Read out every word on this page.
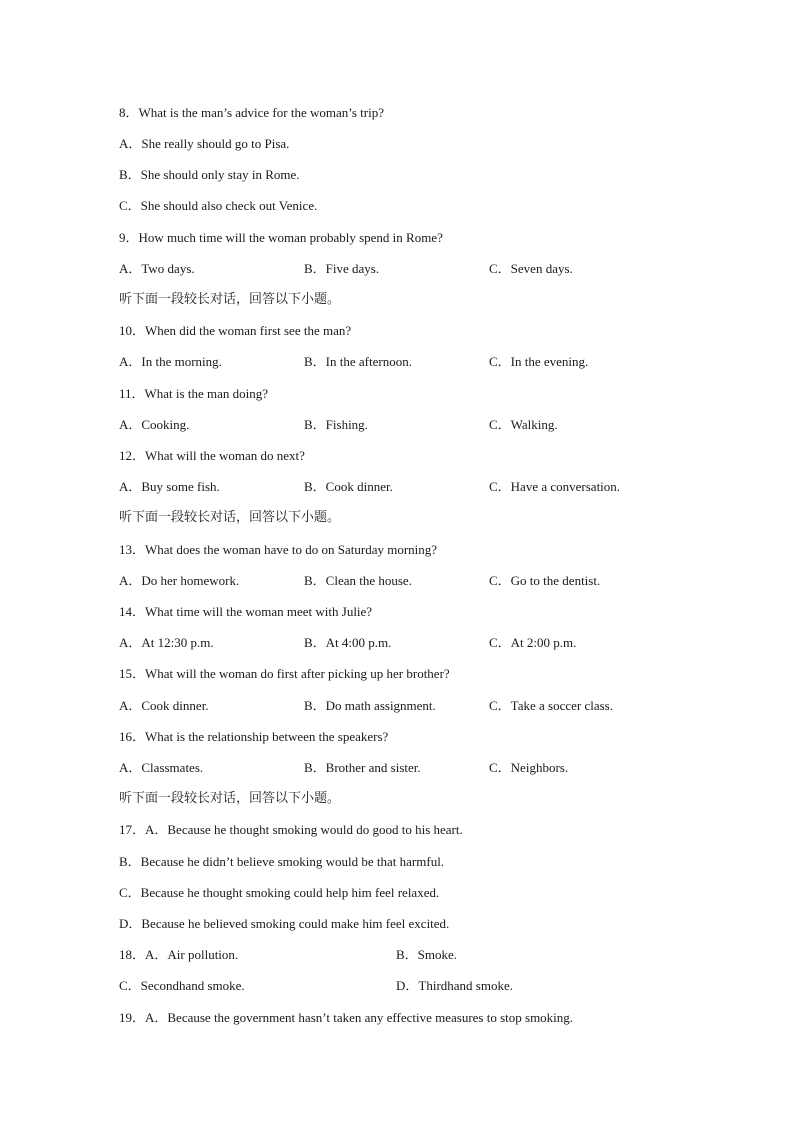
8．What is the man’s advice for the woman’s trip?
A．She really should go to Pisa.
B．She should only stay in Rome.
C．She should also check out Venice.
9．How much time will the woman probably spend in Rome?
A．Two days.	B．Five days.	C．Seven days.
听下面一段较长对话，回答以下小题。
10．When did the woman first see the man?
A．In the morning.	B．In the afternoon.	C．In the evening.
11．What is the man doing?
A．Cooking.	B．Fishing.	C．Walking.
12．What will the woman do next?
A．Buy some fish.	B．Cook dinner.	C．Have a conversation.
听下面一段较长对话，回答以下小题。
13．What does the woman have to do on Saturday morning?
A．Do her homework.	B．Clean the house.	C．Go to the dentist.
14．What time will the woman meet with Julie?
A．At 12:30 p.m.	B．At 4:00 p.m.	C．At 2:00 p.m.
15．What will the woman do first after picking up her brother?
A．Cook dinner.	B．Do math assignment.	C．Take a soccer class.
16．What is the relationship between the speakers?
A．Classmates.	B．Brother and sister.	C．Neighbors.
听下面一段较长对话，回答以下小题。
17．A．Because he thought smoking would do good to his heart.
B．Because he didn’t believe smoking would be that harmful.
C．Because he thought smoking could help him feel relaxed.
D．Because he believed smoking could make him feel excited.
18．A．Air pollution.	B．Smoke.
C．Secondhand smoke.	D．Thirdhand smoke.
19．A．Because the government hasn’t taken any effective measures to stop smoking.
